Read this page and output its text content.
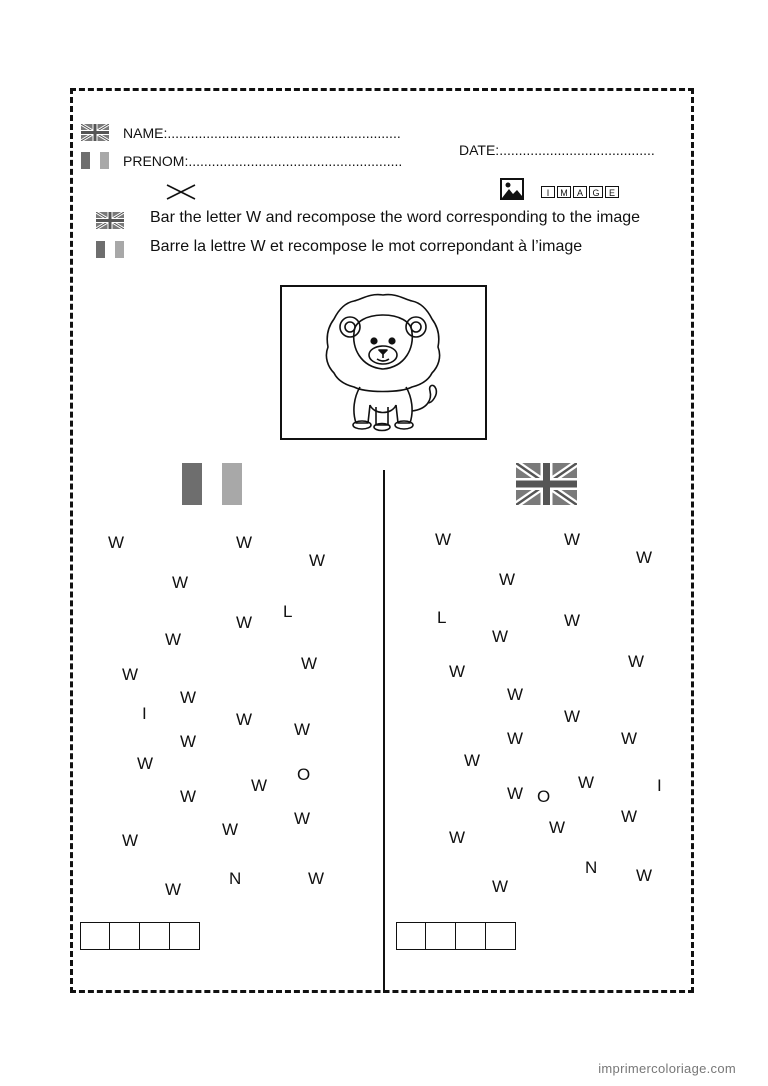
NAME:............................................................
PRENOM:.......................................................
DATE:........................................
I	M	A	G	E
Bar the letter W and recompose the word corresponding to the image
Barre la lettre W et recompose le mot correpondant à l’image
W	W
W
W
W
L
W
W
W
W
I	W
W
W
W
O
W
W
W
W
W
W
N
W
W	W
W
W
L	W
W
W
W
W
W
W	W
W
W
W O
W
I
W
W
W
N W
imprimercoloriage.com
